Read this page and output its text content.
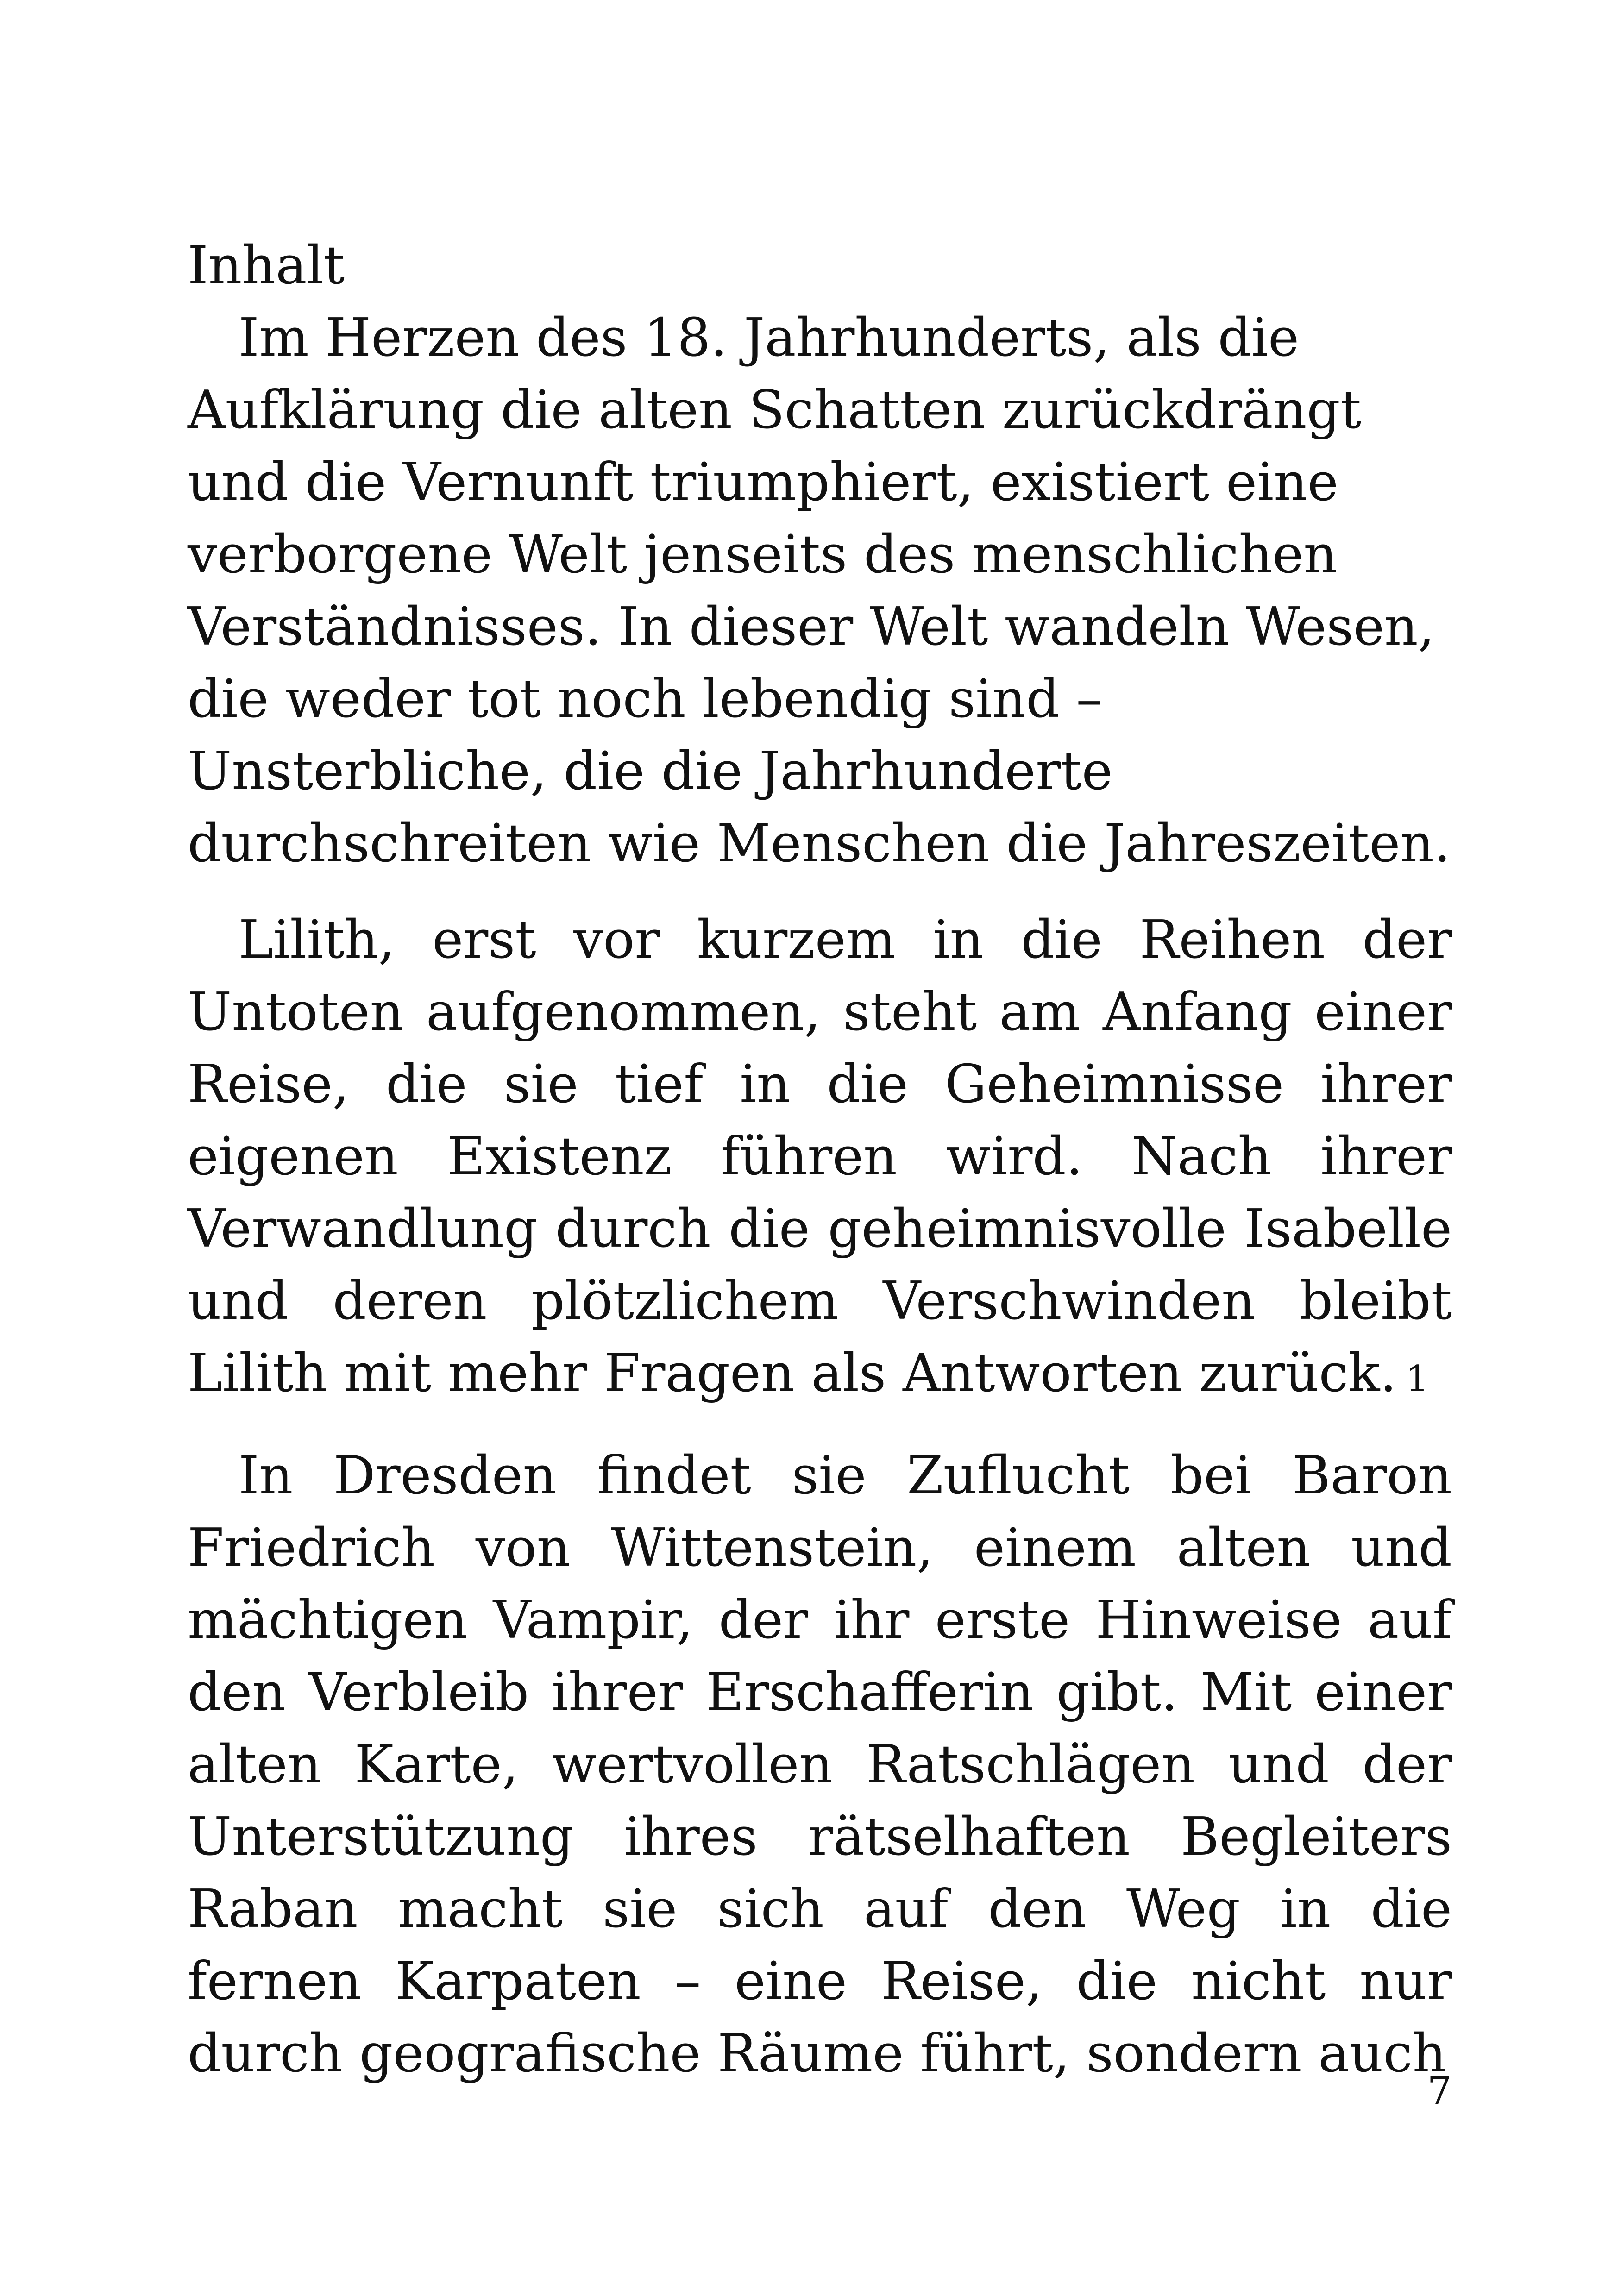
Inhalt

Im Herzen des 18. Jahrhunderts, als die Aufklärung die alten Schatten zurückdrängt und die Vernunft triumphiert, existiert eine verborgene Welt jenseits des menschlichen Verständnisses. In dieser Welt wandeln Wesen, die weder tot noch lebendig sind – Unsterbliche, die die Jahrhunderte durchschreiten wie Menschen die Jahreszeiten.

Lilith, erst vor kurzem in die Reihen der Untoten aufgenommen, steht am Anfang einer Reise, die sie tief in die Geheimnisse ihrer eigenen Existenz führen wird. Nach ihrer Verwandlung durch die geheimnisvolle Isabelle und deren plötzlichem Verschwinden bleibt Lilith mit mehr Fragen als Antworten zurück. 1

In Dresden findet sie Zuflucht bei Baron Friedrich von Wittenstein, einem alten und mächtigen Vampir, der ihr erste Hinweise auf den Verbleib ihrer Erschafferin gibt. Mit einer alten Karte, wertvollen Ratschlägen und der Unterstützung ihres rätselhaften Begleiters Raban macht sie sich auf den Weg in die fernen Karpaten – eine Reise, die nicht nur durch geografische Räume führt, sondern auch

7
